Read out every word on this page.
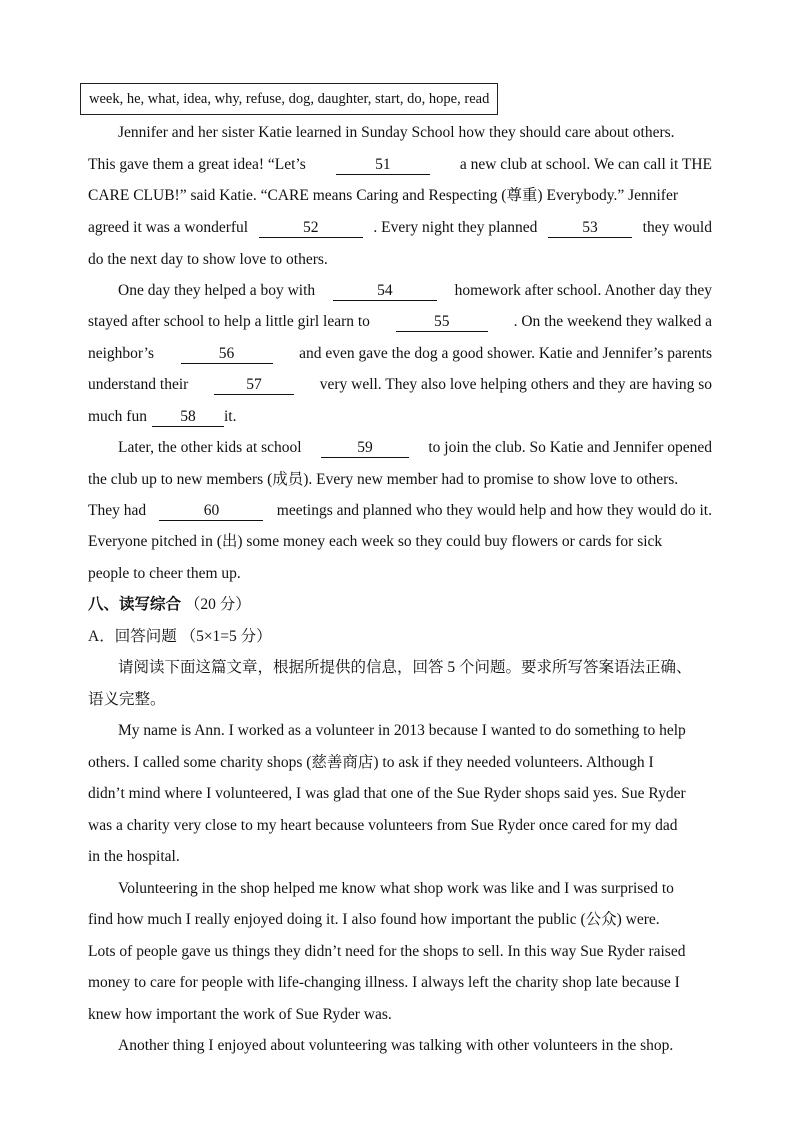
week, he, what, idea, why, refuse, dog, daughter, start, do, hope, read
Jennifer and her sister Katie learned in Sunday School how they should care about others.
This gave them a great idea! “Let’s	51	a new club at school. We can call it THE
CARE CLUB!” said Katie. “CARE means Caring and Respecting (尊重) Everybody.” Jennifer
agreed it was a wonderful	52	. Every night they planned	53	they would
do the next day to show love to others.
One day they helped a boy with	54	homework after school. Another day they
stayed after school to help a little girl learn to	55	. On the weekend they walked a
neighbor’s	56	and even gave the dog a good shower. Katie and Jennifer’s parents
understand their	57	very well. They also love helping others and they are having so
much fun	58	it.
Later, the other kids at school	59	to join the club. So Katie and Jennifer opened
the club up to new members (成员). Every new member had to promise to show love to others.
They had	60	meetings and planned who they would help and how they would do it.
Everyone pitched in (出) some money each week so they could buy flowers or cards for sick
people to cheer them up.
八、读写综合 （20 分）
A．回答问题 （5×1=5 分）
请阅读下面这篇文章，根据所提供的信息，回答 5 个问题。要求所写答案语法正确、
语义完整。
My name is Ann. I worked as a volunteer in 2013 because I wanted to do something to help
others. I called some charity shops (慈善商店) to ask if they needed volunteers. Although I
didn’t mind where I volunteered, I was glad that one of the Sue Ryder shops said yes. Sue Ryder
was a charity very close to my heart because volunteers from Sue Ryder once cared for my dad
in the hospital.
Volunteering in the shop helped me know what shop work was like and I was surprised to
find how much I really enjoyed doing it. I also found how important the public (公众) were.
Lots of people gave us things they didn’t need for the shops to sell. In this way Sue Ryder raised
money to care for people with life-changing illness. I always left the charity shop late because I
knew how important the work of Sue Ryder was.
Another thing I enjoyed about volunteering was talking with other volunteers in the shop.
